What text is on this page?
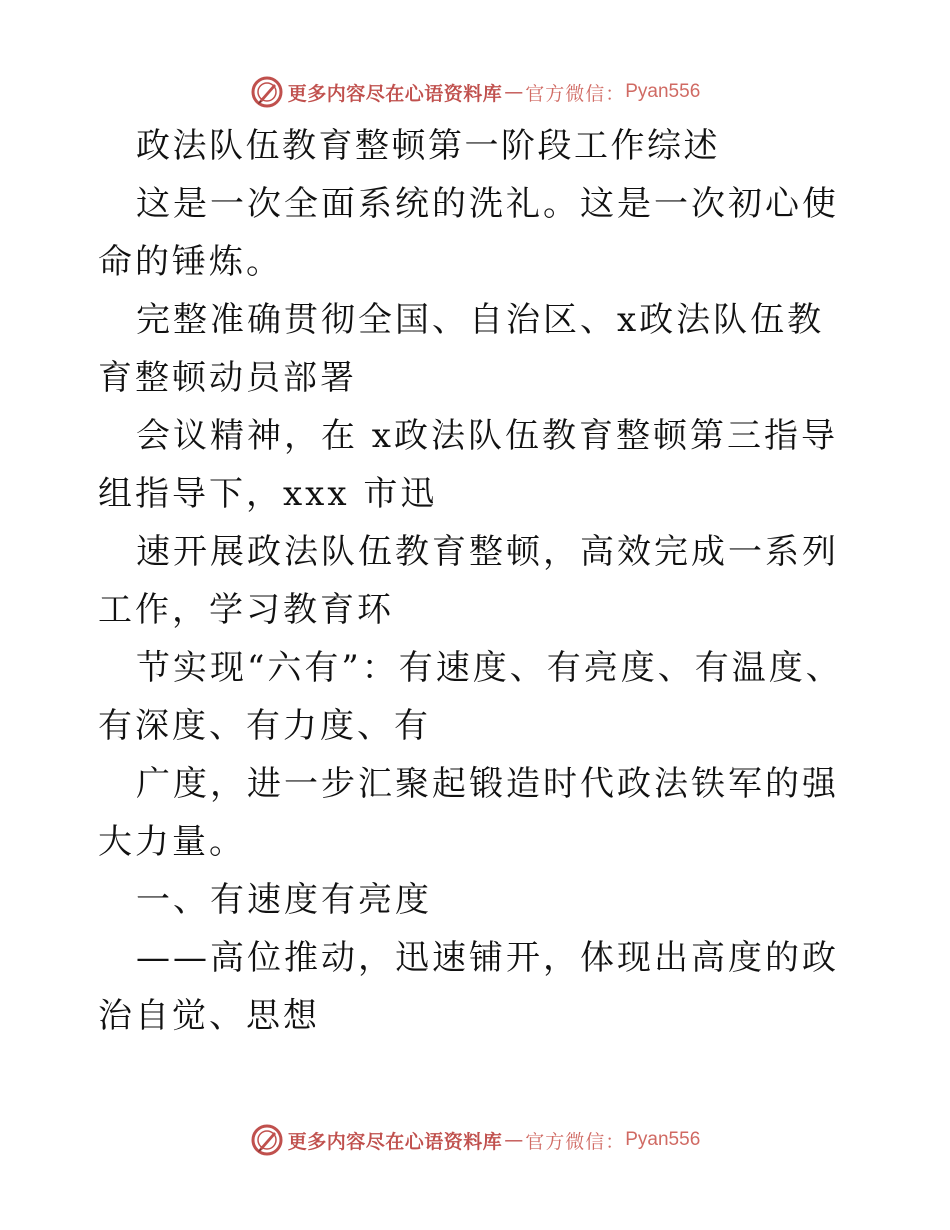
更多内容尽在心语资料库 — 官方微信： Pyan556

政法队伍教育整顿第一阶段工作综述

这是一次全面系统的洗礼。这是一次初心使命的锤炼。

完整准确贯彻全国、自治区、x政法队伍教育整顿动员部署

会议精神，在 x政法队伍教育整顿第三指导组指导下，xxx 市迅

速开展政法队伍教育整顿，高效完成一系列工作，学习教育环

节实现“六有”：有速度、有亮度、有温度、有深度、有力度、有

广度，进一步汇聚起锻造时代政法铁军的强大力量。

一、有速度有亮度

——高位推动，迅速铺开，体现出高度的政治自觉、思想

更多内容尽在心语资料库 — 官方微信： Pyan556
